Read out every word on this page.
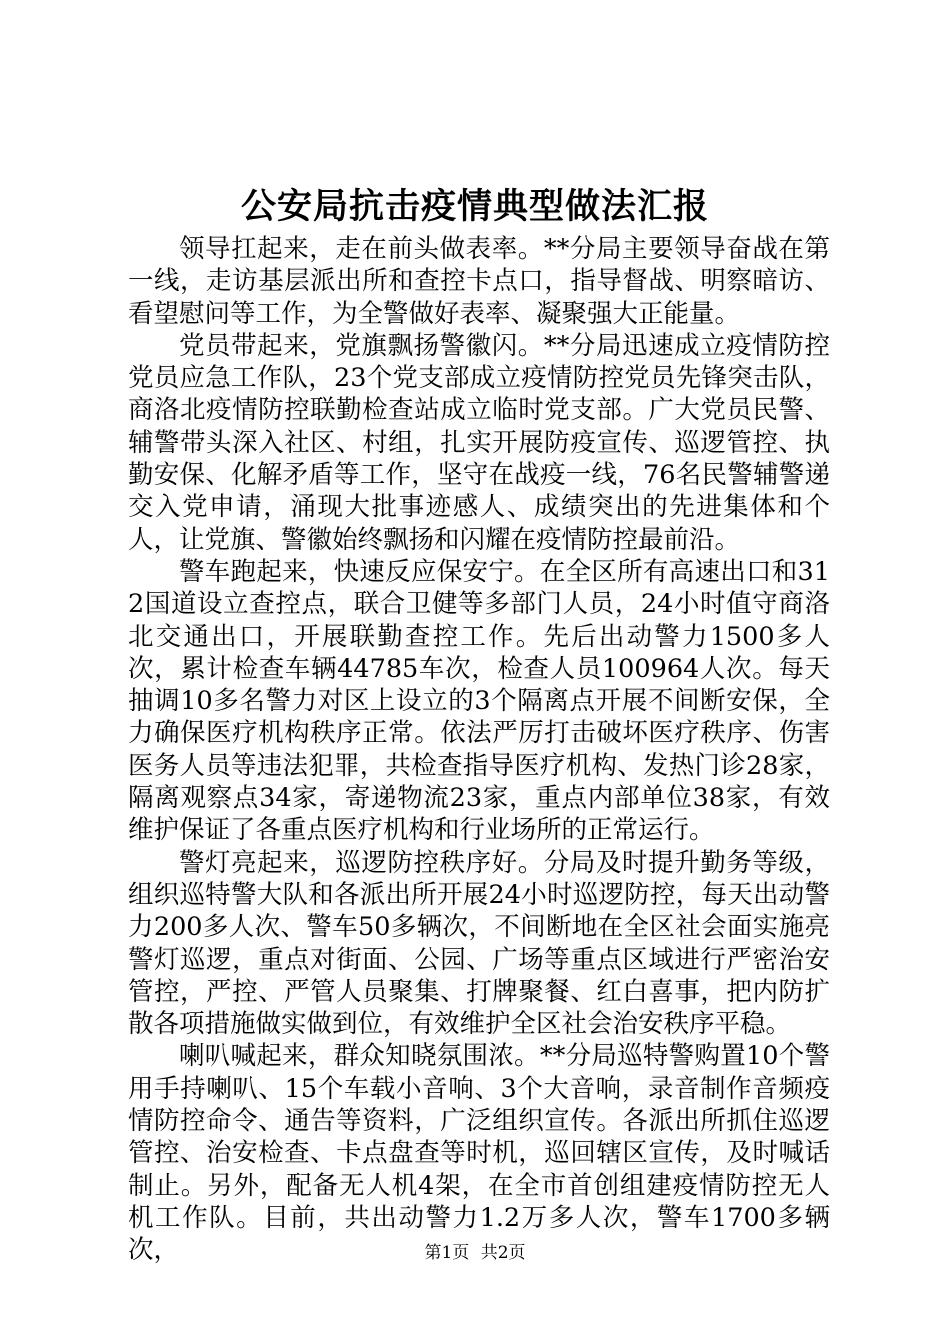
公安局抗击疫情典型做法汇报

领导扛起来，走在前头做表率。**分局主要领导奋战在第一线，走访基层派出所和查控卡点口，指导督战、明察暗访、看望慰问等工作，为全警做好表率、凝聚强大正能量。

党员带起来，党旗飘扬警徽闪。**分局迅速成立疫情防控党员应急工作队，23个党支部成立疫情防控党员先锋突击队，商洛北疫情防控联勤检查站成立临时党支部。广大党员民警、辅警带头深入社区、村组，扎实开展防疫宣传、巡逻管控、执勤安保、化解矛盾等工作，坚守在战疫一线，76名民警辅警递交入党申请，涌现大批事迹感人、成绩突出的先进集体和个人，让党旗、警徽始终飘扬和闪耀在疫情防控最前沿。

警车跑起来，快速反应保安宁。在全区所有高速出口和312国道设立查控点，联合卫健等多部门人员，24小时值守商洛北交通出口，开展联勤查控工作。先后出动警力1500多人次，累计检查车辆44785车次，检查人员100964人次。每天抽调10多名警力对区上设立的3个隔离点开展不间断安保，全力确保医疗机构秩序正常。依法严厉打击破坏医疗秩序、伤害医务人员等违法犯罪，共检查指导医疗机构、发热门诊28家，隔离观察点34家，寄递物流23家，重点内部单位38家，有效维护保证了各重点医疗机构和行业场所的正常运行。

警灯亮起来，巡逻防控秩序好。分局及时提升勤务等级，组织巡特警大队和各派出所开展24小时巡逻防控，每天出动警力200多人次、警车50多辆次，不间断地在全区社会面实施亮警灯巡逻，重点对街面、公园、广场等重点区域进行严密治安管控，严控、严管人员聚集、打牌聚餐、红白喜事，把内防扩散各项措施做实做到位，有效维护全区社会治安秩序平稳。

喇叭喊起来，群众知晓氛围浓。**分局巡特警购置10个警用手持喇叭、15个车载小音响、3个大音响，录音制作音频疫情防控命令、通告等资料，广泛组织宣传。各派出所抓住巡逻管控、治安检查、卡点盘查等时机，巡回辖区宣传，及时喊话制止。另外，配备无人机4架，在全市首创组建疫情防控无人机工作队。目前，共出动警力1.2万多人次，警车1700多辆次，	第1页 共2页
